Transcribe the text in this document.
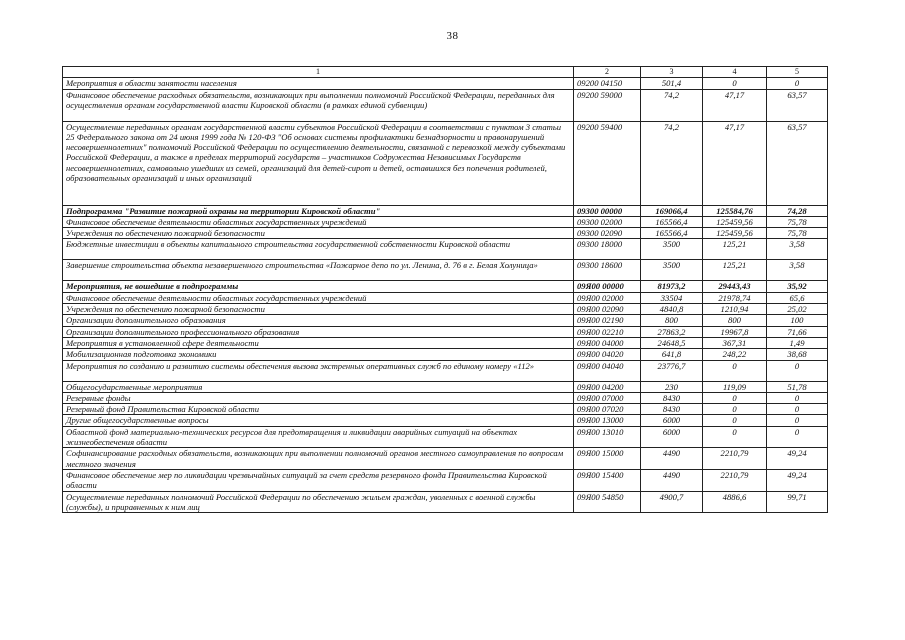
38
1	2	3	4	5
Мероприятия в области занятости населения	09200 04150	501,4	0	0
Финансовое обеспечение расходных обязательств, возникающих при выполнении полномочий Российской Федерации, переданных для осуществления органам государственной власти Кировской области (в рамках единой субвенции)	09200 59000	74,2	47,17	63,57
Осуществление переданных органам государственной власти субъектов Российской Федерации в соответствии с пунктом 3 статьи 25 Федерального закона от 24 июня 1999 года № 120-ФЗ "Об основах системы профилактики безнадзорности и правонарушений несовершеннолетних" полномочий Российской Федерации по осуществлению деятельности, связанной с перевозкой между субъектами Российской Федерации, а также в пределах территорий государств – участников Содружества Независимых Государств несовершеннолетних, самовольно ушедших из семей, организаций для детей-сирот и детей, оставшихся без попечения родителей, образовательных организаций и иных организаций	09200 59400	74,2	47,17	63,57
Подпрограмма "Развитие пожарной охраны на территории Кировской области"	09300 00000	169066,4	125584,76	74,28
Финансовое обеспечение деятельности областных государственных учреждений	09300 02000	165566,4	125459,56	75,78
Учреждения по обеспечению пожарной безопасности	09300 02090	165566,4	125459,56	75,78
Бюджетные инвестиции в объекты капитального строительства государственной собственности Кировской области	09300 18000	3500	125,21	3,58
Завершение строительства объекта незавершенного строительства «Пожарное депо по ул. Ленина, д. 76 в г. Белая Холуница»	09300 18600	3500	125,21	3,58
Мероприятия, не вошедшие в подпрограммы	09Я00 00000	81973,2	29443,43	35,92
Финансовое обеспечение деятельности областных государственных учреждений	09Я00 02000	33504	21978,74	65,6
Учреждения по обеспечению пожарной безопасности	09Я00 02090	4840,8	1210,94	25,02
Организации дополнительного образования	09Я00 02190	800	800	100
Организации дополнительного профессионального образования	09Я00 02210	27863,2	19967,8	71,66
Мероприятия в установленной сфере деятельности	09Я00 04000	24648,5	367,31	1,49
Мобилизационная подготовка экономики	09Я00 04020	641,8	248,22	38,68
Мероприятия по созданию и развитию системы обеспечения вызова экстренных оперативных служб по единому номеру «112»	09Я00 04040	23776,7	0	0
Общегосударственные мероприятия	09Я00 04200	230	119,09	51,78
Резервные фонды	09Я00 07000	8430	0	0
Резервный фонд Правительства Кировской области	09Я00 07020	8430	0	0
Другие общегосударственные вопросы	09Я00 13000	6000	0	0
Областной фонд материально-технических ресурсов для предотвращения и ликвидации аварийных ситуаций на объектах жизнеобеспечения области	09Я00 13010	6000	0	0
Софинансирование расходных обязательств, возникающих при выполнении полномочий органов местного самоуправления по вопросам местного значения	09Я00 15000	4490	2210,79	49,24
Финансовое обеспечение мер по ликвидации чрезвычайных ситуаций за счет средств резервного фонда Правительства Кировской области	09Я00 15400	4490	2210,79	49,24
Осуществление переданных полномочий Российской Федерации по обеспечению жильем граждан, уволенных с военной службы (службы), и приравненных к ним лиц	09Я00 54850	4900,7	4886,6	99,71
